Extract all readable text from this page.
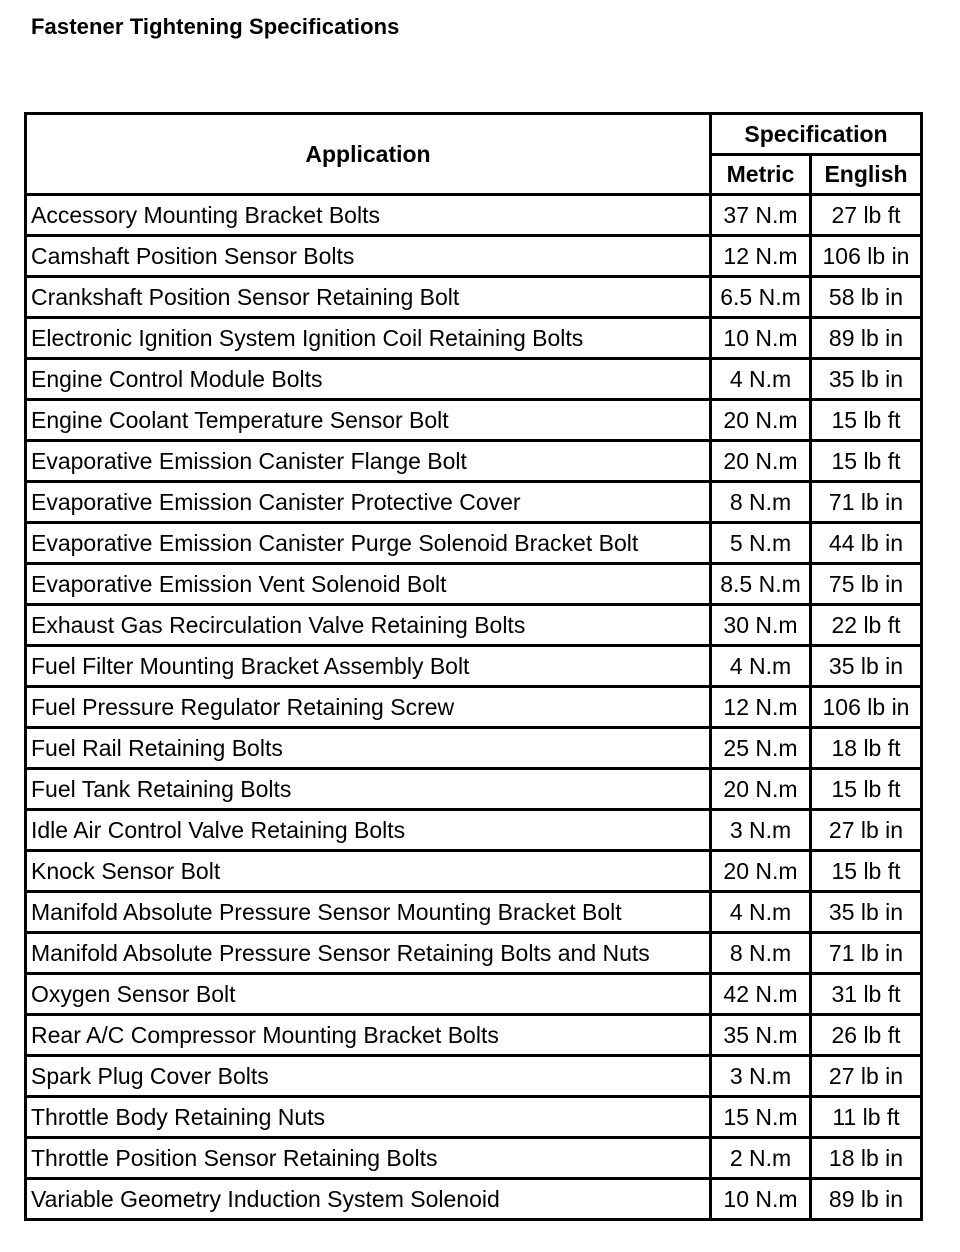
Fastener Tightening Specifications
Application	Specification	
	Metric	English
Accessory Mounting Bracket Bolts	37 N.m	27 lb ft
Camshaft Position Sensor Bolts	12 N.m	106 lb in
Crankshaft Position Sensor Retaining Bolt	6.5 N.m	58 lb in
Electronic Ignition System Ignition Coil Retaining Bolts	10 N.m	89 lb in
Engine Control Module Bolts	4 N.m	35 lb in
Engine Coolant Temperature Sensor Bolt	20 N.m	15 lb ft
Evaporative Emission Canister Flange Bolt	20 N.m	15 lb ft
Evaporative Emission Canister Protective Cover	8 N.m	71 lb in
Evaporative Emission Canister Purge Solenoid Bracket Bolt	5 N.m	44 lb in
Evaporative Emission Vent Solenoid Bolt	8.5 N.m	75 lb in
Exhaust Gas Recirculation Valve Retaining Bolts	30 N.m	22 lb ft
Fuel Filter Mounting Bracket Assembly Bolt	4 N.m	35 lb in
Fuel Pressure Regulator Retaining Screw	12 N.m	106 lb in
Fuel Rail Retaining Bolts	25 N.m	18 lb ft
Fuel Tank Retaining Bolts	20 N.m	15 lb ft
Idle Air Control Valve Retaining Bolts	3 N.m	27 lb in
Knock Sensor Bolt	20 N.m	15 lb ft
Manifold Absolute Pressure Sensor Mounting Bracket Bolt	4 N.m	35 lb in
Manifold Absolute Pressure Sensor Retaining Bolts and Nuts	8 N.m	71 lb in
Oxygen Sensor Bolt	42 N.m	31 lb ft
Rear A/C Compressor Mounting Bracket Bolts	35 N.m	26 lb ft
Spark Plug Cover Bolts	3 N.m	27 lb in
Throttle Body Retaining Nuts	15 N.m	11 lb ft
Throttle Position Sensor Retaining Bolts	2 N.m	18 lb in
Variable Geometry Induction System Solenoid	10 N.m	89 lb in
